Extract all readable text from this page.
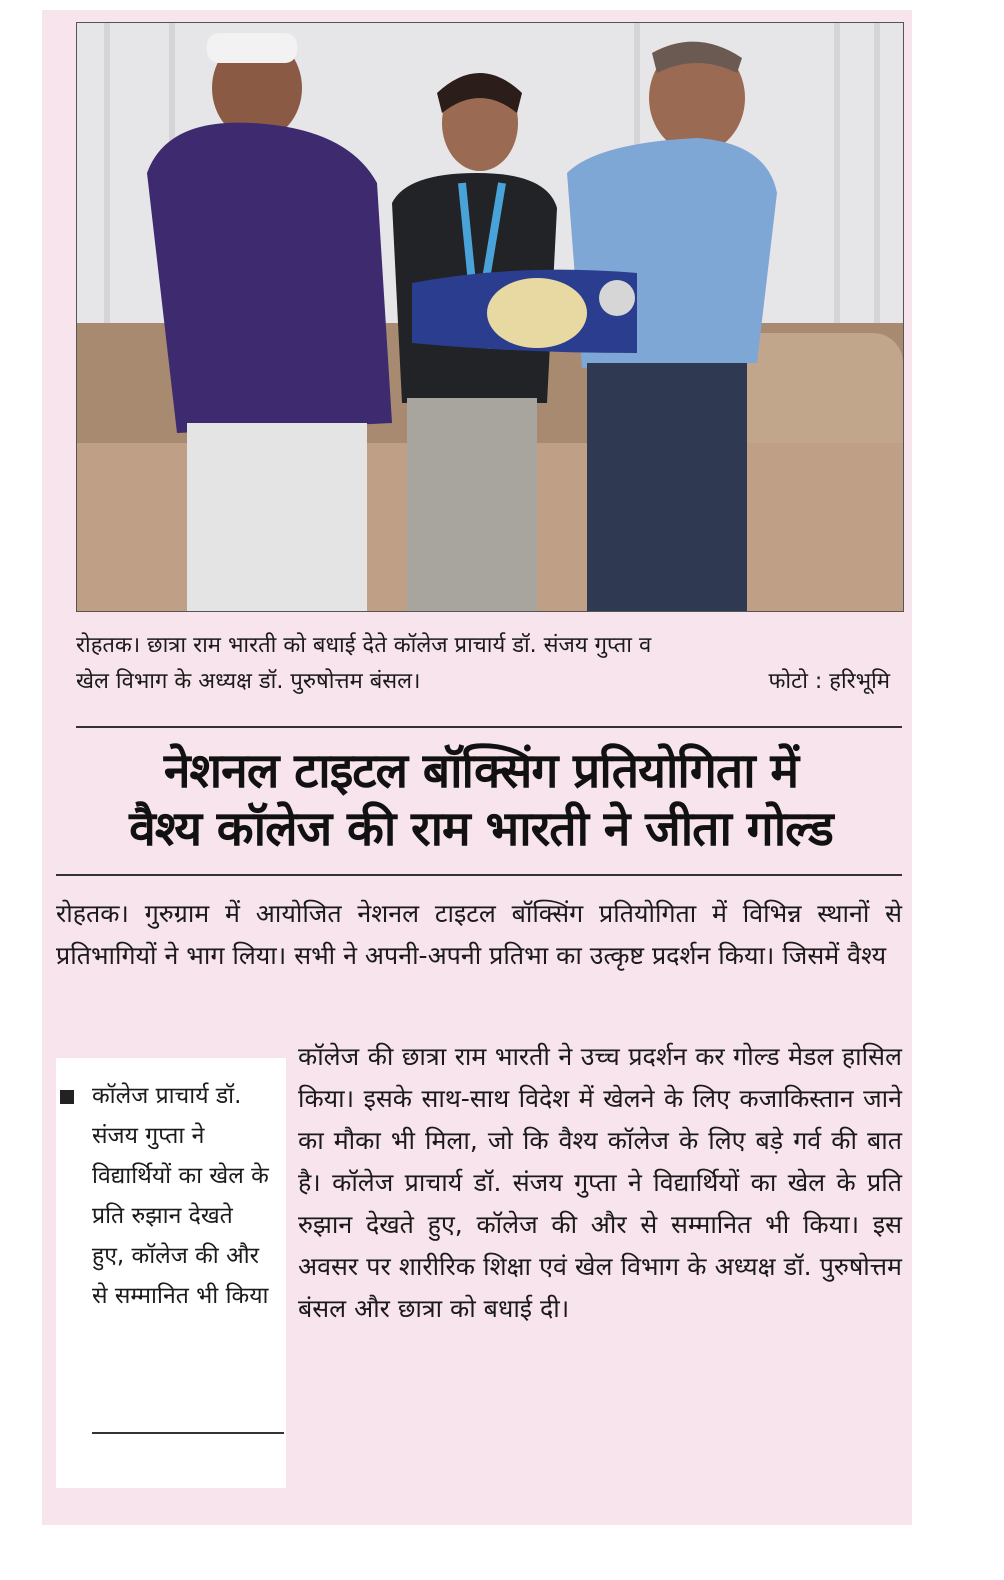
रोहतक। छात्रा राम भारती को बधाई देते कॉलेज प्राचार्य डॉ. संजय गुप्ता व
खेल विभाग के अध्यक्ष डॉ. पुरुषोत्तम बंसल।	फोटो : हरिभूमि
नेशनल टाइटल बॉक्सिंग प्रतियोगिता में
वैश्य कॉलेज की राम भारती ने जीता गोल्ड
रोहतक। गुरुग्राम में आयोजित नेशनल टाइटल बॉक्सिंग प्रतियोगिता में विभिन्न स्थानों से प्रतिभागियों ने भाग लिया। सभी ने अपनी-अपनी प्रतिभा का उत्कृष्ट प्रदर्शन किया। जिसमें वैश्य
कॉलेज प्राचार्य डॉ. संजय गुप्ता ने विद्यार्थियों का खेल के प्रति रुझान देखते हुए, कॉलेज की और से सम्मानित भी किया
कॉलेज की छात्रा राम भारती ने उच्च प्रदर्शन कर गोल्ड मेडल हासिल किया। इसके साथ-साथ विदेश में खेलने के लिए कजाकिस्तान जाने का मौका भी मिला, जो कि वैश्य कॉलेज के लिए बड़े गर्व की बात है। कॉलेज प्राचार्य डॉ. संजय गुप्ता ने विद्यार्थियों का खेल के प्रति रुझान देखते हुए, कॉलेज की और से सम्मानित भी किया। इस अवसर पर शारीरिक शिक्षा एवं खेल विभाग के अध्यक्ष डॉ. पुरुषोत्तम बंसल और छात्रा को बधाई दी।
